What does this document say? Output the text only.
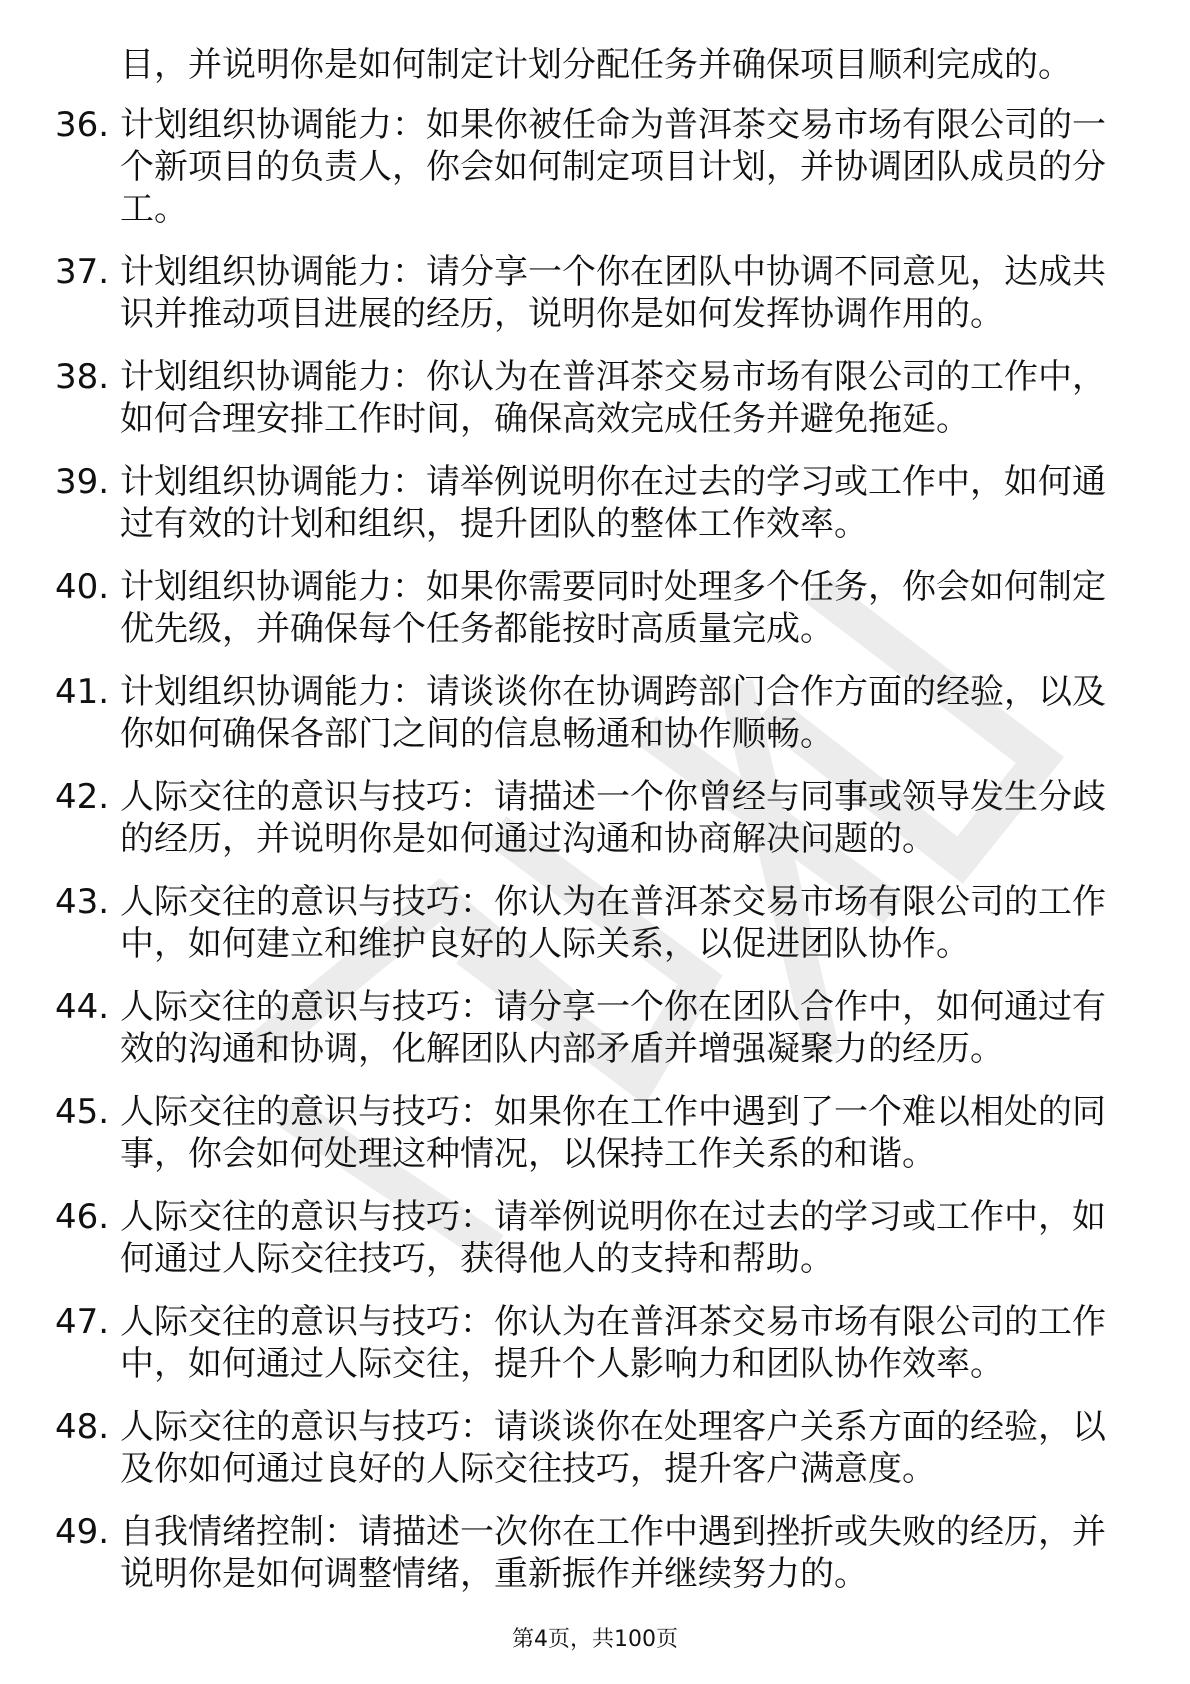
目，并说明你是如何制定计划分配任务并确保项目顺利完成的。

36. 计划组织协调能力：如果你被任命为普洱茶交易市场有限公司的一个新项目的负责人，你会如何制定项目计划，并协调团队成员的分工。
37. 计划组织协调能力：请分享一个你在团队中协调不同意见，达成共识并推动项目进展的经历，说明你是如何发挥协调作用的。
38. 计划组织协调能力：你认为在普洱茶交易市场有限公司的工作中，如何合理安排工作时间，确保高效完成任务并避免拖延。
39. 计划组织协调能力：请举例说明你在过去的学习或工作中，如何通过有效的计划和组织，提升团队的整体工作效率。
40. 计划组织协调能力：如果你需要同时处理多个任务，你会如何制定优先级，并确保每个任务都能按时高质量完成。
41. 计划组织协调能力：请谈谈你在协调跨部门合作方面的经验，以及你如何确保各部门之间的信息畅通和协作顺畅。
42. 人际交往的意识与技巧：请描述一个你曾经与同事或领导发生分歧的经历，并说明你是如何通过沟通和协商解决问题的。
43. 人际交往的意识与技巧：你认为在普洱茶交易市场有限公司的工作中，如何建立和维护良好的人际关系，以促进团队协作。
44. 人际交往的意识与技巧：请分享一个你在团队合作中，如何通过有效的沟通和协调，化解团队内部矛盾并增强凝聚力的经历。
45. 人际交往的意识与技巧：如果你在工作中遇到了一个难以相处的同事，你会如何处理这种情况，以保持工作关系的和谐。
46. 人际交往的意识与技巧：请举例说明你在过去的学习或工作中，如何通过人际交往技巧，获得他人的支持和帮助。
47. 人际交往的意识与技巧：你认为在普洱茶交易市场有限公司的工作中，如何通过人际交往，提升个人影响力和团队协作效率。
48. 人际交往的意识与技巧：请谈谈你在处理客户关系方面的经验，以及你如何通过良好的人际交往技巧，提升客户满意度。
49. 自我情绪控制：请描述一次你在工作中遇到挫折或失败的经历，并说明你是如何调整情绪，重新振作并继续努力的。
第4页，共100页
